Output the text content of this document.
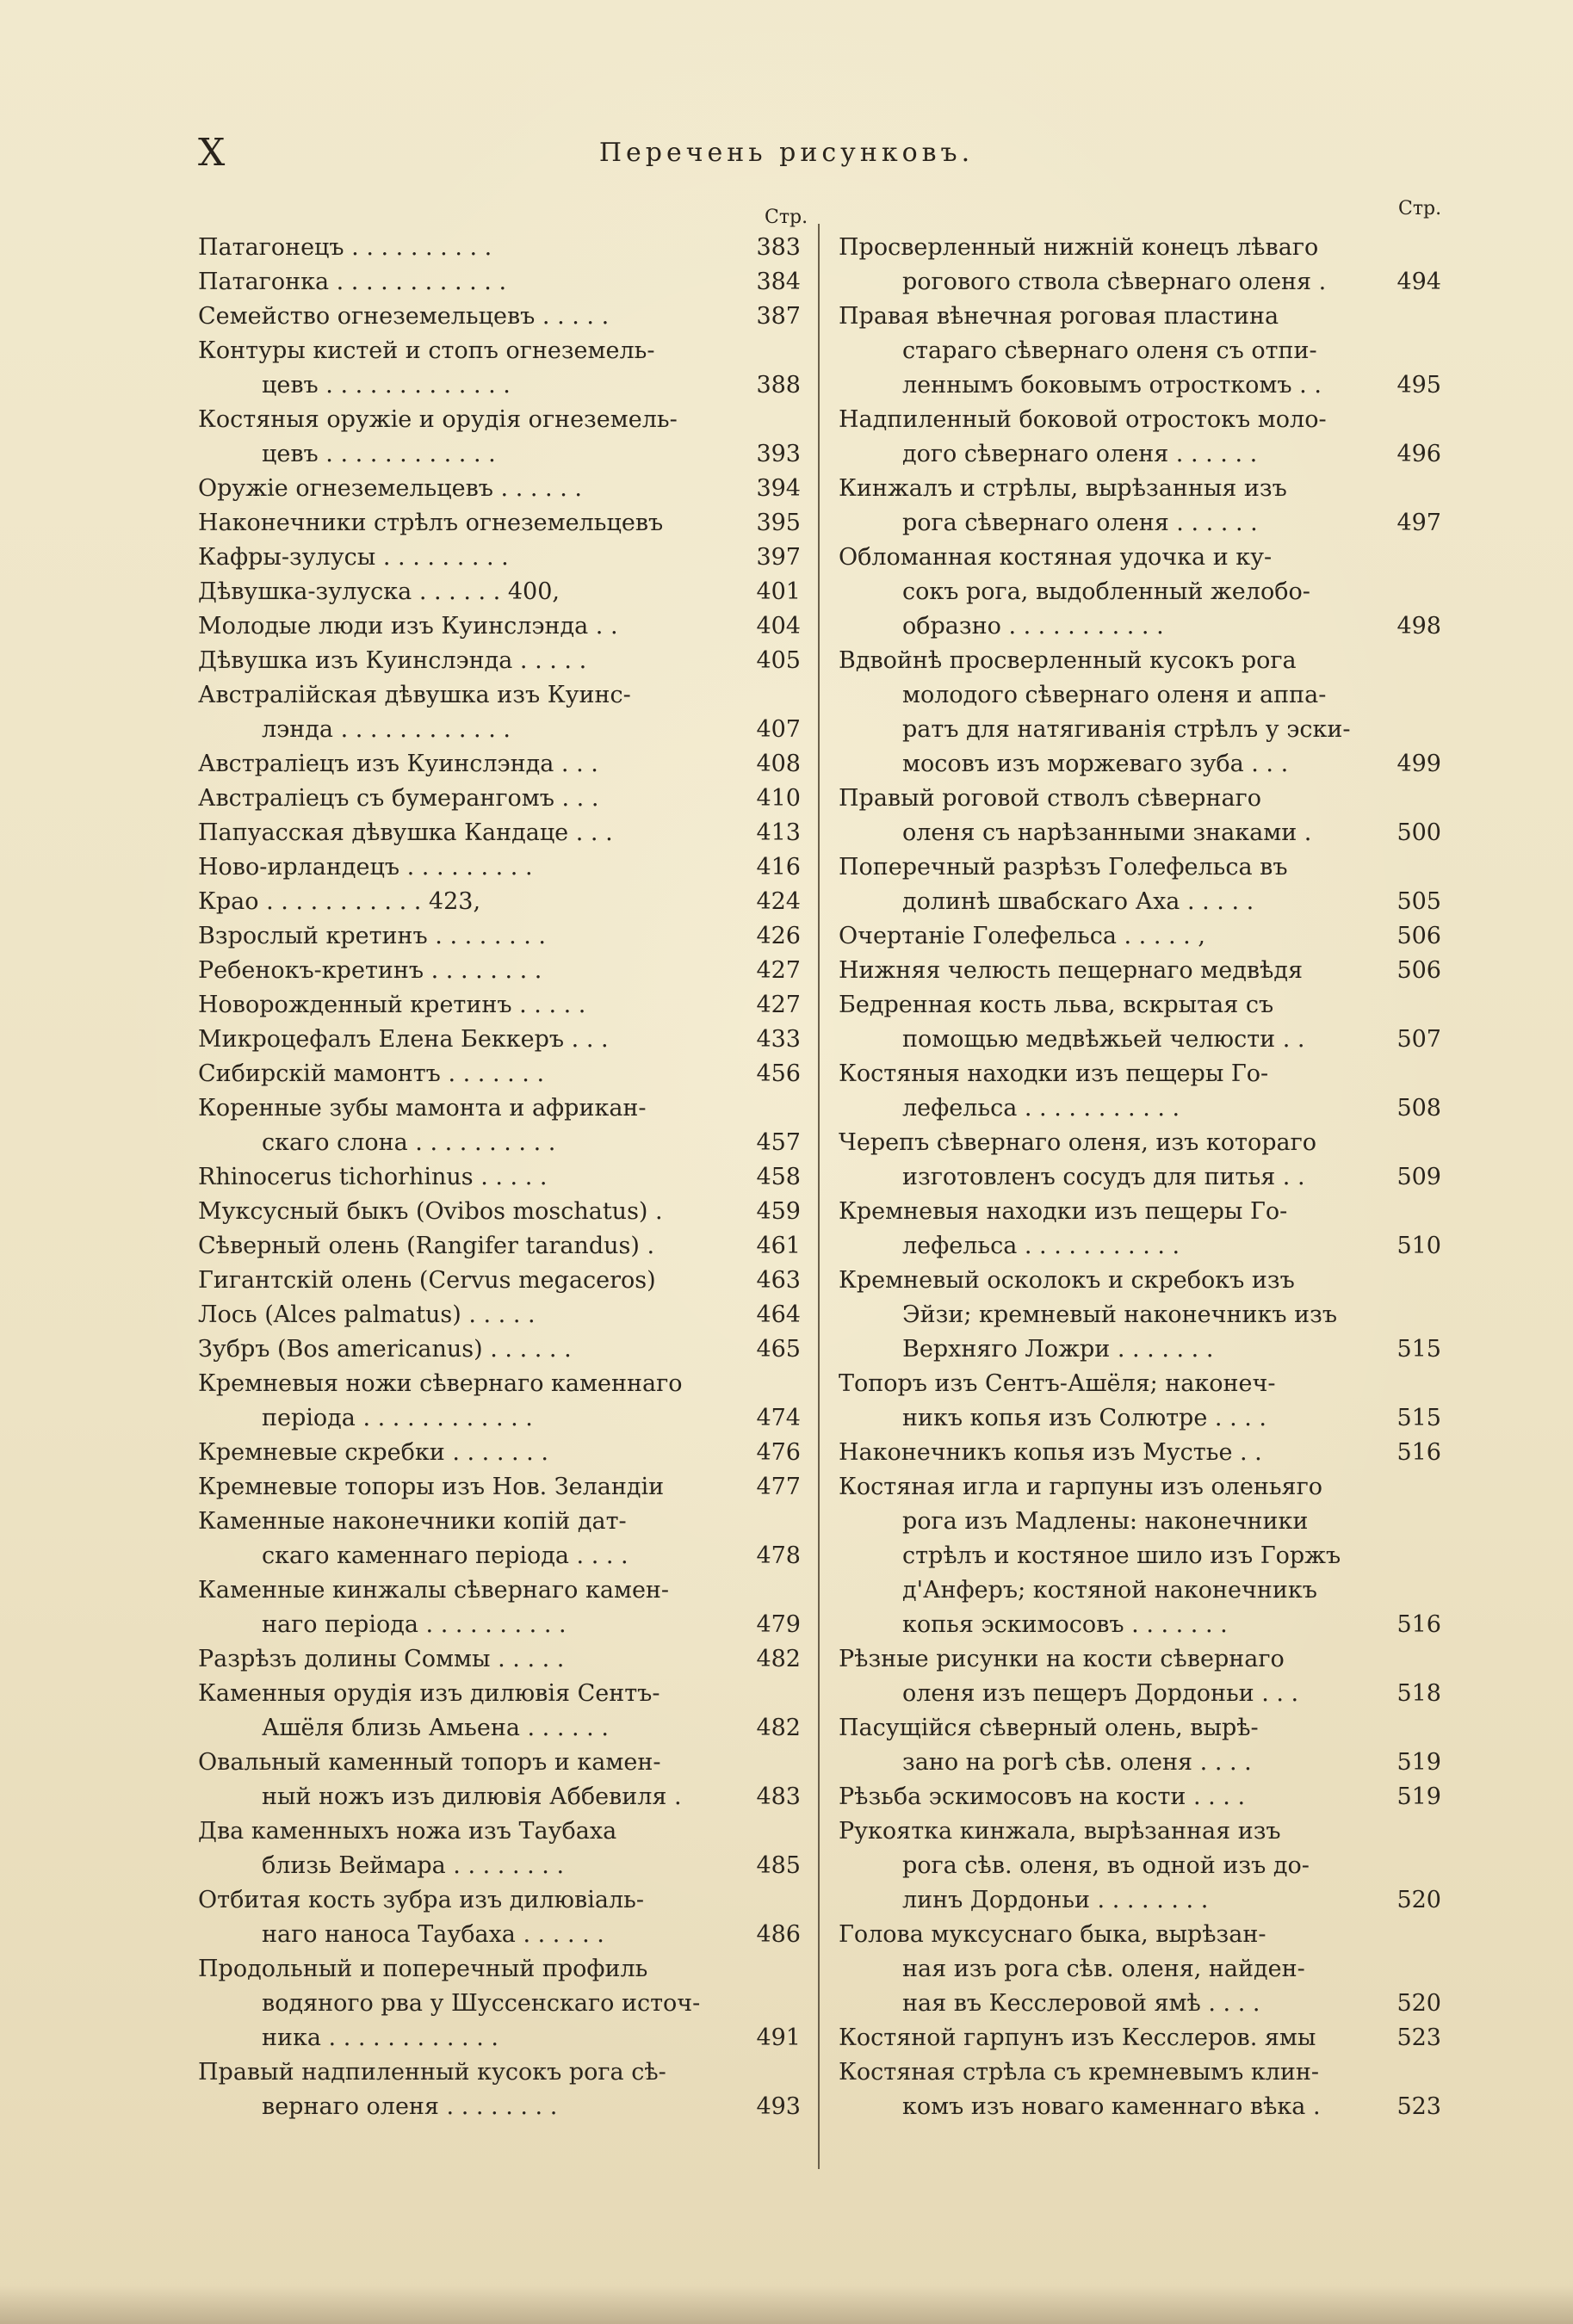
X	Перечень рисунковъ.
Стр.	Стр.
Патагонецъ . . . . . . . . . .	383
Патагонка . . . . . . . . . . . .	384
Семейство огнеземельцевъ . . . . .	387
Контуры кистей и стопъ огнеземель-
цевъ . . . . . . . . . . . . .	388
Костяныя оружіе и орудія огнеземель-
цевъ . . . . . . . . . . . .	393
Оружіе огнеземельцевъ . . . . . .	394
Наконечники стрѣлъ огнеземельцевъ	395
Кафры-зулусы . . . . . . . . .	397
Дѣвушка-зулуска . . . . . . 400,	401
Молодые люди изъ Куинслэнда . .	404
Дѣвушка изъ Куинслэнда . . . . .	405
Австралійская дѣвушка изъ Куинс-
лэнда . . . . . . . . . . . .	407
Австраліецъ изъ Куинслэнда . . .	408
Австраліецъ съ бумерангомъ . . .	410
Папуасская дѣвушка Кандаце . . .	413
Ново-ирландецъ . . . . . . . . .	416
Крао . . . . . . . . . . . 423,	424
Взрослый кретинъ . . . . . . . .	426
Ребенокъ-кретинъ . . . . . . . .	427
Новорожденный кретинъ . . . . .	427
Микроцефалъ Елена Беккеръ . . .	433
Сибирскій мамонтъ . . . . . . .	456
Коренные зубы мамонта и африкан-
скаго слона . . . . . . . . . .	457
Rhinocerus tichorhinus . . . . .	458
Муксусный быкъ (Ovibos moschatus) .	459
Сѣверный олень (Rangifer tarandus) .	461
Гигантскій олень (Cervus megaceros)	463
Лось (Alces palmatus) . . . . .	464
Зубръ (Bos americanus) . . . . . .	465
Кремневыя ножи сѣвернаго каменнаго
періода . . . . . . . . . . . .	474
Кремневые скребки . . . . . . .	476
Кремневые топоры изъ Нов. Зеландіи	477
Каменные наконечники копій дат-
скаго каменнаго періода . . . .	478
Каменные кинжалы сѣвернаго камен-
наго періода . . . . . . . . . .	479
Разрѣзъ долины Соммы . . . . .	482
Каменныя орудія изъ дилювія Сентъ-
Ашёля близь Амьена . . . . . .	482
Овальный каменный топоръ и камен-
ный ножъ изъ дилювія Аббевиля .	483
Два каменныхъ ножа изъ Таубаха
близь Веймара . . . . . . . .	485
Отбитая кость зубра изъ дилювіаль-
наго наноса Таубаха . . . . . .	486
Продольный и поперечный профиль
водяного рва у Шуссенскаго источ-
ника . . . . . . . . . . . .	491
Правый надпиленный кусокъ рога сѣ-
вернаго оленя . . . . . . . .	493
Просверленный нижній конецъ лѣваго
рогового ствола сѣвернаго оленя .	494
Правая вѣнечная роговая пластина
стараго сѣвернаго оленя съ отпи-
леннымъ боковымъ отросткомъ . .	495
Надпиленный боковой отростокъ моло-
дого сѣвернаго оленя . . . . . .	496
Кинжалъ и стрѣлы, вырѣзанныя изъ
рога сѣвернаго оленя . . . . . .	497
Обломанная костяная удочка и ку-
сокъ рога, выдобленный желобо-
образно . . . . . . . . . . .	498
Вдвойнѣ просверленный кусокъ рога
молодого сѣвернаго оленя и аппа-
ратъ для натягиванія стрѣлъ у эски-
мосовъ изъ моржеваго зуба . . .	499
Правый роговой стволъ сѣвернаго
оленя съ нарѣзанными знаками .	500
Поперечный разрѣзъ Голефельса въ
долинѣ швабскаго Аха . . . . .	505
Очертаніе Голефельса . . . . . ,	506
Нижняя челюсть пещернаго медвѣдя	506
Бедренная кость льва, вскрытая съ
помощью медвѣжьей челюсти . .	507
Костяныя находки изъ пещеры Го-
лефельса . . . . . . . . . . .	508
Черепъ сѣвернаго оленя, изъ котораго
изготовленъ сосудъ для питья . .	509
Кремневыя находки изъ пещеры Го-
лефельса . . . . . . . . . . .	510
Кремневый осколокъ и скребокъ изъ
Эйзи; кремневый наконечникъ изъ
Верхняго Ложри . . . . . . .	515
Топоръ изъ Сентъ-Ашёля; наконеч-
никъ копья изъ Солютре . . . .	515
Наконечникъ копья изъ Мустье . .	516
Костяная игла и гарпуны изъ оленьяго
рога изъ Мадлены: наконечники
стрѣлъ и костяное шило изъ Горжъ
д'Анферъ; костяной наконечникъ
копья эскимосовъ . . . . . . .	516
Рѣзные рисунки на кости сѣвернаго
оленя изъ пещеръ Дордоньи . . .	518
Пасущійся сѣверный олень, вырѣ-
зано на рогѣ сѣв. оленя . . . .	519
Рѣзьба эскимосовъ на кости . . . .	519
Рукоятка кинжала, вырѣзанная изъ
рога сѣв. оленя, въ одной изъ до-
линъ Дордоньи . . . . . . . .	520
Голова муксуснаго быка, вырѣзан-
ная изъ рога сѣв. оленя, найден-
ная въ Кесслеровой ямѣ . . . .	520
Костяной гарпунъ изъ Кесслеров. ямы	523
Костяная стрѣла съ кремневымъ клин-
комъ изъ новаго каменнаго вѣка .	523
